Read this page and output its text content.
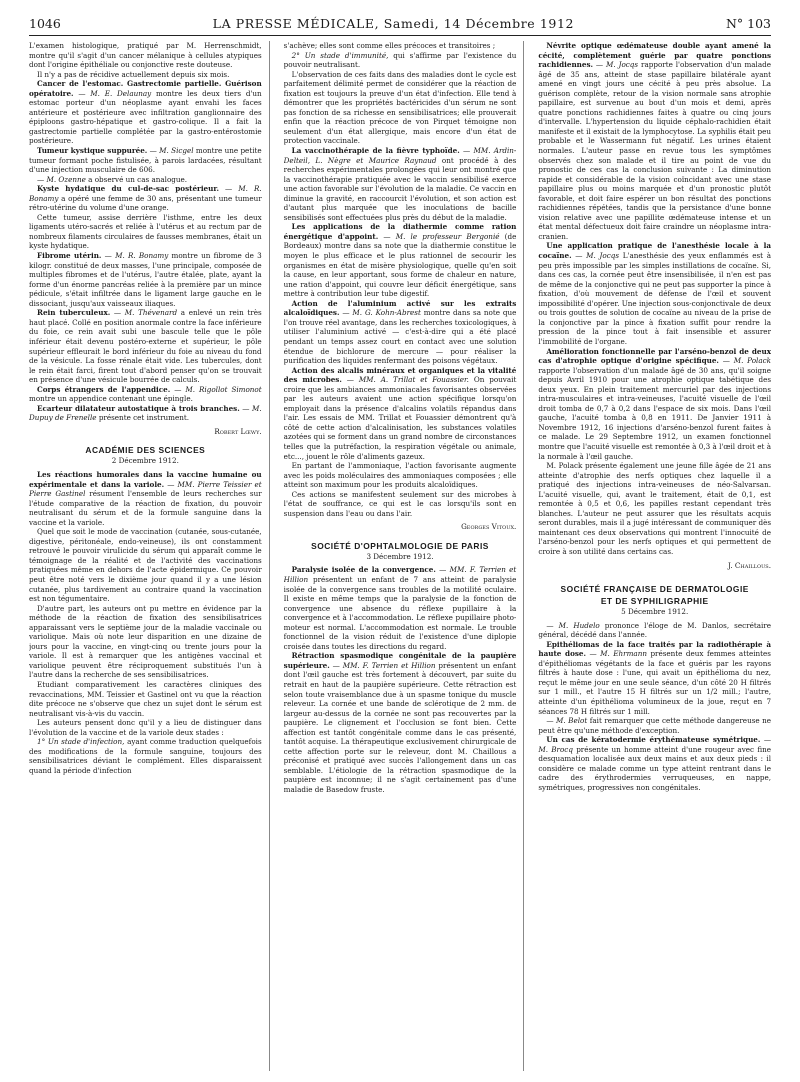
1046	LA PRESSE MÉDICALE, Samedi, 14 Décembre 1912	N° 103

L'examen histologique, pratiqué par M. Herrenschmidt, montre qu'il s'agit d'un cancer mélanique à cellules atypiques dont l'origine épithéliale ou conjonctive reste douteuse.

Il n'y a pas de récidive actuellement depuis six mois.

Cancer de l'estomac. Gastrectomie partielle. Guérison opératoire. — M. E. Delaunay montre les deux tiers d'un estomac porteur d'un néoplasme ayant envahi les faces antérieure et postérieure avec infiltration ganglionnaire des épiploons gastro-hépatique et gastro-colique. Il a fait la gastrectomie partielle complétée par la gastro-entérostomie postérieure.

Tumeur kystique suppurée. — M. Sicgel montre une petite tumeur formant poche fistulisée, à parois lardacées, résultant d'une injection musculaire de 606.

— M. Ozenne a observé un cas analogue.

Kyste hydatique du cul-de-sac postérieur. — M. R. Bonamy a opéré une femme de 30 ans, présentant une tumeur rétro-utérine du volume d'une orange.

Cette tumeur, assise derrière l'isthme, entre les deux ligaments utéro-sacrés et reliée à l'utérus et au rectum par de nombreux filaments circulaires de fausses membranes, était un kyste hydatique.

Fibrome utérin. — M. R. Bonamy montre un fibrome de 3 kilogr. constitué de deux masses, l'une principale, composée de multiples fibromes et de l'utérus, l'autre étalée, plate, ayant la forme d'un énorme pancréas reliée à la première par un mince pédicule, s'était infiltrée dans le ligament large gauche en le dissociant, jusqu'aux vaisseaux iliaques.

Rein tuberculeux. — M. Thévenard a enlevé un rein très haut placé. Collé en position anormale contre la face inférieure du foie, ce rein avait subi une bascule telle que le pôle inférieur était devenu postéro-externe et supérieur, le pôle supérieur effleurait le bord inférieur du foie au niveau du fond de la vésicule. La fosse rénale était vide. Les tubercules, dont le rein était farci, firent tout d'abord penser qu'on se trouvait en présence d'une vésicule bourrée de calculs.

Corps étrangers de l'appendice. — M. Rigollot Simonot montre un appendice contenant une épingle.

Ecarteur dilatateur autostatique à trois branches. — M. Dupuy de Frenelle présente cet instrument.

Robert Lœwy.
ACADÉMIE DES SCIENCES
2 Décembre 1912.

Les réactions humorales dans la vaccine humaine ou expérimentale et dans la variole. — MM. Pierre Teissier et Pierre Gastinel résument l'ensemble de leurs recherches sur l'étude comparative de la réaction de fixation, du pouvoir neutralisant du sérum et de la formule sanguine dans la vaccine et la variole.

Quel que soit le mode de vaccination (cutanée, sous-cutanée, digestive, péritonéale, endo-veineuse), ils ont constamment retrouvé le pouvoir viruIicide du sérum qui apparaît comme le témoignage de la réalité et de l'activité des vaccinations pratiquées même en dehors de l'acte épidermique. Ce pouvoir peut être noté vers le dixième jour quand il y a une lésion cutanée, plus tardivement au contraire quand la vaccination est non tégumentaire.

D'autre part, les auteurs ont pu mettre en évidence par la méthode de la réaction de fixation des sensibilisatrices apparaissant vers le septième jour de la maladie vaccinale ou variolique. Mais où note leur disparition en une dizaine de jours pour la vaccine, en vingt-cinq ou trente jours pour la variole. Il est à remarquer que les antigènes vaccinal et variolique peuvent être réciproquement substitués l'un à l'autre dans la recherche de ses sensibilisatrices.

Etudiant comparativement les caractères cliniques des revaccinations, MM. Teissier et Gastinel ont vu que la réaction dite précoce ne s'observe que chez un sujet dont le sérum est neutralisant vis-à-vis du vaccin.

Les auteurs pensent donc qu'il y a lieu de distinguer dans l'évolution de la vaccine et de la variole deux stades :

1° Un stade d'infection, ayant comme traduction quelquefois des modifications de la formule sanguine, toujours des sensibilisatrices déviant le complément. Elles disparaissent quand la période d'infection

s'achève; elles sont comme elles précoces et transitoires ;

2° Un stade d'immunité, qui s'affirme par l'existence du pouvoir neutralisant.

L'observation de ces faits dans des maladies dont le cycle est parfaitement délimité permet de considérer que la réaction de fixation est toujours la preuve d'un état d'infection. Elle tend à démontrer que les propriétés bactéricides d'un sérum ne sont pas fonction de sa richesse en sensibilisatrices; elle prouverait enfin que la réaction précoce de von Pirquet témoigne non seulement d'un état allergique, mais encore d'un état de protection vaccinale.

La vaccinothérapie de la fièvre typhoïde. — MM. Ardin-Delteil, L. Nègre et Maurice Raynaud ont procédé à des recherches expérimentales prolongées qui leur ont montré que la vaccinothérapie pratiquée avec le vaccin sensibilisé exerce une action favorable sur l'évolution de la maladie. Ce vaccin en diminue la gravité, en raccourcit l'évolution, et son action est d'autant plus marquée que les inoculations de bacille sensibilisés sont effectuées plus près du début de la maladie.

Les applications de la diathermie comme ration énergétique d'appoint. — M. le professeur Bergonié (de Bordeaux) montre dans sa note que la diathermie constitue le moyen le plus efficace et le plus rationnel de secourir les organismes en état de misère physiologique, quelle qu'en soit la cause, en leur apportant, sous forme de chaleur en nature, une ration d'appoint, qui couvre leur déficit énergétique, sans mettre à contribution leur tube digestif.

Action de l'aluminium activé sur les extraits alcaloïdiques. — M. G. Kohn-Abrest montre dans sa note que l'on trouve réel avantage, dans les recherches toxicologiques, à utiliser l'aluminium activé — c'est-à-dire qui a été placé pendant un temps assez court en contact avec une solution étendue de bichlorure de mercure — pour réaliser la purification des liquides renfermant des poisons végétaux.

Action des alcalis minéraux et organiques et la vitalité des microbes. — MM. A. Trillat et Fouassier. On pouvait croire que les ambiances ammoniacales favorisantes observées par les auteurs avaient une action spécifique lorsqu'on employait dans la présence d'alcalins volatils répandus dans l'air. Les essais de MM. Trillat et Fouassier démontrent qu'à côté de cette action d'alcalinisation, les substances volatiles azotées qui se forment dans un grand nombre de circonstances telles que la putréfaction, la respiration végétale ou animale, etc..., jouent le rôle d'aliments gazeux.

En partant de l'ammoniaque, l'action favorisante augmente avec les poids moléculaires des ammoniaques composées ; elle atteint son maximum pour les produits alcaloïdiques.

Ces actions se manifestent seulement sur des microbes à l'état de souffrance, ce qui est le cas lorsqu'ils sont en suspension dans l'eau ou dans l'air.

Georges Vitoux.
SOCIÉTÉ D'OPHTALMOLOGIE DE PARIS
3 Décembre 1912.

Paralysie isolée de la convergence. — MM. F. Terrien et Hillion présentent un enfant de 7 ans atteint de paralysie isolée de la convergence sans troubles de la motilité oculaire. Il existe en même temps que la paralysie de la fonction de convergence une absence du réflexe pupillaire à la convergence et à l'accommodation. Le réflexe pupillaire photo-moteur est normal. L'accommodation est normale. Le trouble fonctionnel de la vision réduit de l'existence d'une diplopie croisée dans toutes les directions du regard.

Rétraction spasmodique congénitale de la paupière supérieure. — MM. F. Terrien et Hillion présentent un enfant dont l'œil gauche est très fortement à découvert, par suite du retrait en haut de la paupière supérieure. Cette rétraction est selon toute vraisemblance due à un spasme tonique du muscle releveur. La cornée et une bande de sclérotique de 2 mm. de largeur au-dessus de la cornée ne sont pas recouvertes par la paupière. Le clignement et l'occlusion se font bien. Cette affection est tantôt congénitale comme dans le cas présenté, tantôt acquise. La thérapeutique exclusivement chirurgicale de cette affection porte sur le releveur, dont M. Chaillous a préconisé et pratiqué avec succès l'allongement dans un cas semblable. L'étiologie de la rétraction spasmodique de la paupière est inconnue; il ne s'agit certainement pas d'une maladie de Basedow fruste.

Névrite optique œdémateuse double ayant amené la cécité, complètement guérie par quatre ponctions rachidiennes. — M. Jocqs rapporte l'observation d'un malade âgé de 35 ans, atteint de stase papillaire bilatérale ayant amené en vingt jours une cécité à peu près absolue. La guérison complète, retour de la vision normale sans atrophie papillaire, est survenue au bout d'un mois et demi, après quatre ponctions rachidiennes faites à quatre ou cinq jours d'intervalle. L'hypertension du liquide céphalo-rachidien était manifeste et il existait de la lymphocytose. La syphilis était peu probable et le Wassermann fut négatif. Les urines étaient normales. L'auteur passe en revue tous les symptômes observés chez son malade et il tire au point de vue du pronostic de ces cas la conclusion suivante : La diminution rapide et considérable de la vision coïncidant avec une stase papillaire plus ou moins marquée et d'un pronostic plutôt favorable, et doit faire espérer un bon résultat des ponctions rachidiennes répétées, tandis que la persistance d'une bonne vision relative avec une papillite œdémateuse intense et un état mental défectueux doit faire craindre un néoplasme intra-cranien.

Une application pratique de l'anesthésie locale à la cocaïne. — M. Jocqs L'anesthésie des yeux enflammés est à peu près impossible par les simples instillations de cocaïne. Si, dans ces cas, la cornée peut être insensibilisée, il n'en est pas de même de la conjonctive qui ne peut pas supporter la pince à fixation, d'où mouvement de défense de l'œil et souvent impossibilité d'opérer. Une injection sous-conjonctivale de deux ou trois gouttes de solution de cocaïne au niveau de la prise de la conjonctive par la pince à fixation suffit pour rendre la pression de la pince tout à fait insensible et assurer l'immobilité de l'organe.

Amélioration fonctionnelle par l'arséno-benzol de deux cas d'atrophie optique d'origine spécifique. — M. Polack rapporte l'observation d'un malade âgé de 30 ans, qu'il soigne depuis Avril 1910 pour une atrophie optique tabétique des deux yeux. En plein traitement mercuriel par des injections intra-musculaires et intra-veineuses, l'acuité visuelle de l'œil droit tomba de 0,7 à 0,2 dans l'espace de six mois. Dans l'œil gauche, l'acuité tomba à 0,8 en 1911. De Janvier 1911 à Novembre 1912, 16 injections d'arséno-benzol furent faites à ce malade. Le 29 Septembre 1912, un examen fonctionnel montre que l'acuité visuelle est remontée à 0,3 à l'œil droit et à la normale à l'œil gauche.

M. Polack présente également une jeune fille âgée de 21 ans atteinte d'atrophie des nerfs optiques chez laquelle il a pratiqué des injections intra-veineuses de néo-Salvarsan. L'acuité visuelle, qui, avant le traitement, était de 0,1, est remontée à 0,5 et 0,6, les papilles restant cependant très blanches. L'auteur ne peut assurer que les résultats acquis seront durables, mais il a jugé intéressant de communiquer dès maintenant ces deux observations qui montrent l'innocuité de l'arséno-benzol pour les nerfs optiques et qui permettent de croire à son utilité dans certains cas.

J. Chaillous.
SOCIÉTÉ FRANÇAISE DE DERMATOLOGIE
ET DE SYPHILIGRAPHIE
5 Décembre 1912.

— M. Hudelo prononce l'éloge de M. Danlos, secrétaire général, décédé dans l'année.

Epithéliomas de la face traités par la radiothérapie à haute dose. — M. Ehrmann présente deux femmes atteintes d'épithéliomas végétants de la face et guéris par les rayons filtrés à haute dose : l'une, qui avait un épithélioma du nez, reçut le même jour en une seule séance, d'un côté 20 H filtrés sur 1 mill., et l'autre 15 H filtrés sur un 1/2 mill.; l'autre, atteinte d'un épithélioma volumineux de la joue, reçut en 7 séances 78 H filtrés sur 1 mill.

— M. Belot fait remarquer que cette méthode dangereuse ne peut être qu'une méthode d'exception.

Un cas de kératodermie érythémateuse symétrique. — M. Brocq présente un homme atteint d'une rougeur avec fine desquamation localisée aux deux mains et aux deux pieds : il considère ce malade comme un type atteint rentrant dans le cadre des érythrodermies verruqueuses, en nappe, symétriques, progressives non congénitales.
